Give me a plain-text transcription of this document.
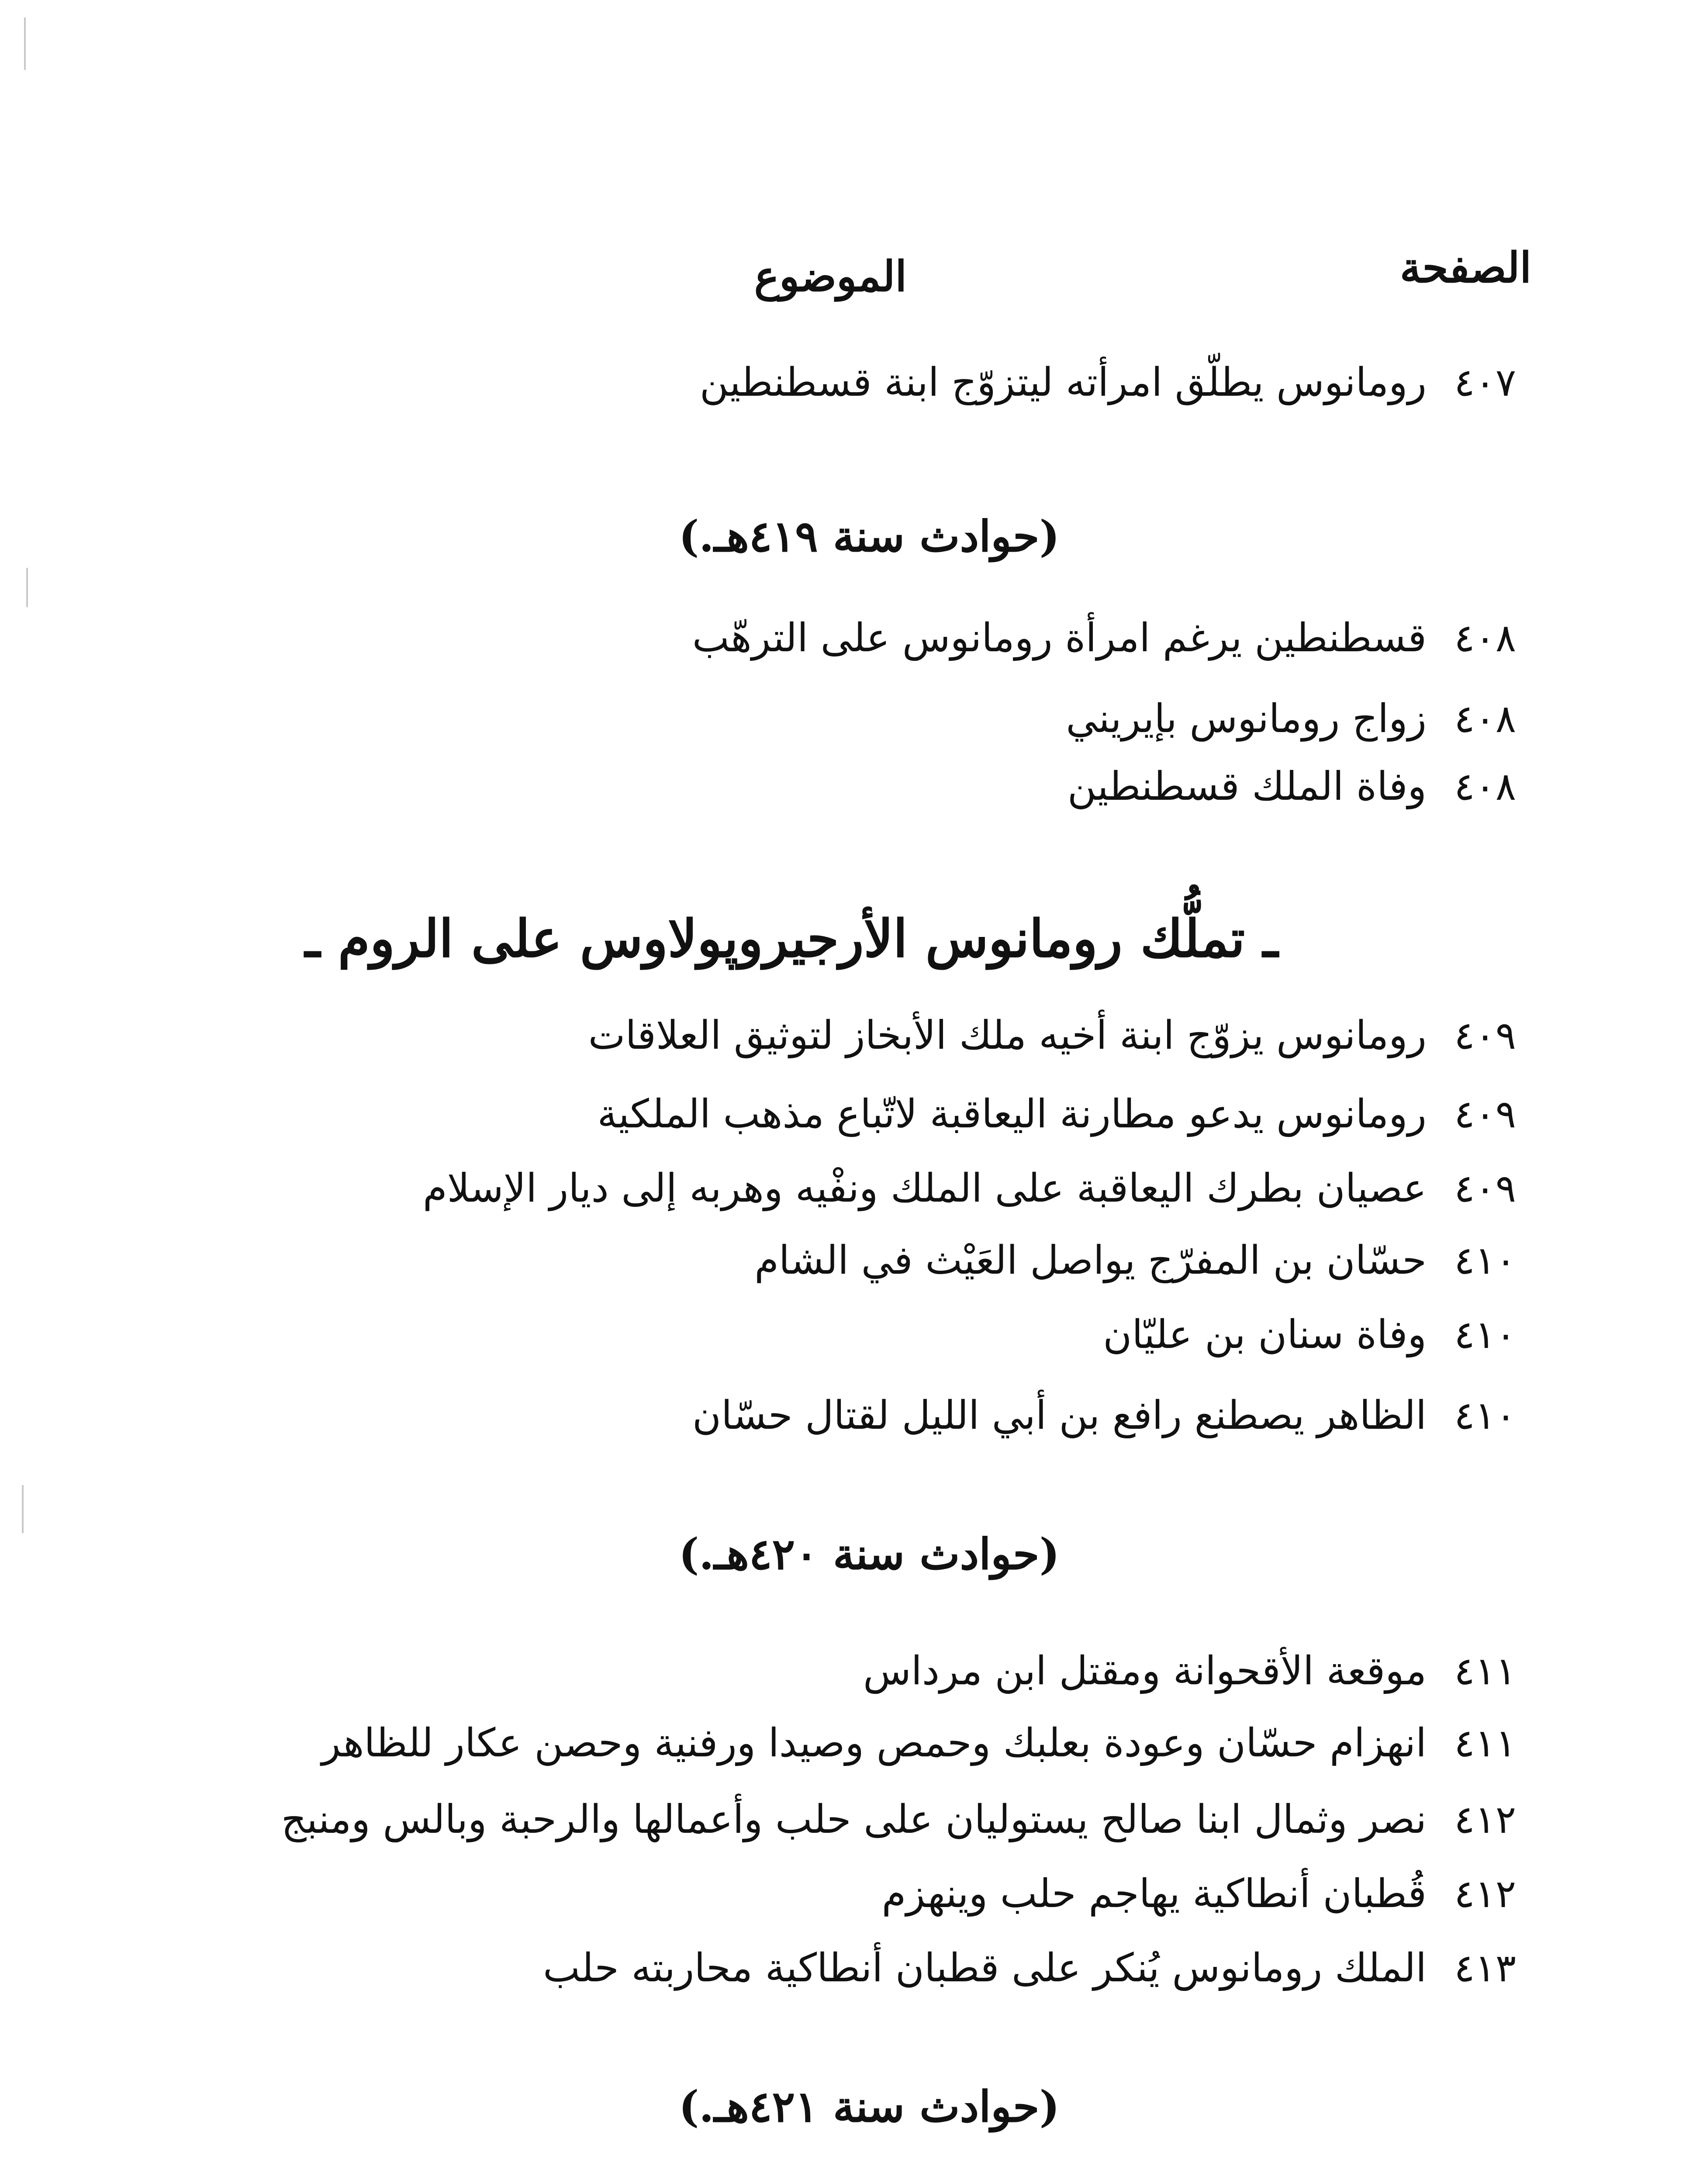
الصفحة
الموضوع
٤٠٧
رومانوس يطلّق امرأته ليتزوّج ابنة قسطنطين
(حوادث سنة ٤١٩هـ.)
٤٠٨
قسطنطين يرغم امرأة رومانوس على الترهّب
٤٠٨
زواج رومانوس بإيريني
٤٠٨
وفاة الملك قسطنطين
ـ تملُّك رومانوس الأرجيروپولاوس على الروم ـ
٤٠٩
رومانوس يزوّج ابنة أخيه ملك الأبخاز لتوثيق العلاقات
٤٠٩
رومانوس يدعو مطارنة اليعاقبة لاتّباع مذهب الملكية
٤٠٩
عصيان بطرك اليعاقبة على الملك ونفْيه وهربه إلى ديار الإسلام
٤١٠
حسّان بن المفرّج يواصل العَيْث في الشام
٤١٠
وفاة سنان بن عليّان
٤١٠
الظاهر يصطنع رافع بن أبي الليل لقتال حسّان
(حوادث سنة ٤٢٠هـ.)
٤١١
موقعة الأقحوانة ومقتل ابن مرداس
٤١١
انهزام حسّان وعودة بعلبك وحمص وصيدا ورفنية وحصن عكار للظاهر
٤١٢
نصر وثمال ابنا صالح يستوليان على حلب وأعمالها والرحبة وبالس ومنبج
٤١٢
قُطبان أنطاكية يهاجم حلب وينهزم
٤١٣
الملك رومانوس يُنكر على قطبان أنطاكية محاربته حلب
(حوادث سنة ٤٢١هـ.)
